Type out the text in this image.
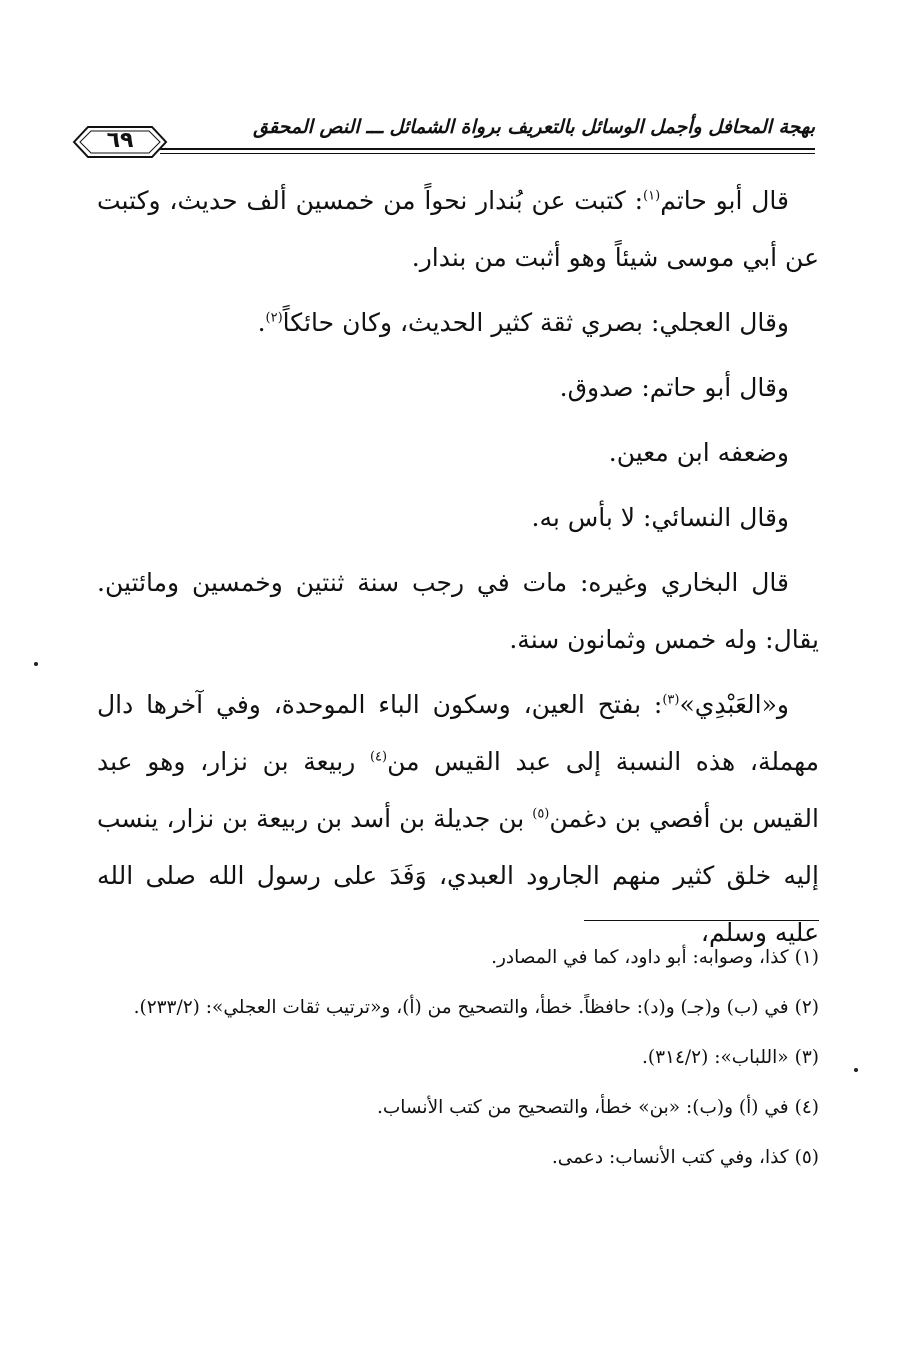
بهجة المحافل وأجمل الوسائل بالتعريف برواة الشمائل ـــ النص المحقق
٦٩

قال أبو حاتم$^{(١)}$: كتبت عن بُندار نحواً من خمسين ألف حديث، وكتبت عن أبي موسى شيئاً وهو أثبت من بندار.

وقال العجلي: بصري ثقة كثير الحديث، وكان حائكاً$^{(٢)}$.

وقال أبو حاتم: صدوق.

وضعفه ابن معين.

وقال النسائي: لا بأس به.

قال البخاري وغيره: مات في رجب سنة ثنتين وخمسين ومائتين. يقال: وله خمس وثمانون سنة.

و«العَبْدِي»$^{(٣)}$: بفتح العين، وسكون الباء الموحدة، وفي آخرها دال مهملة، هذه النسبة إلى عبد القيس من$^{(٤)}$ ربيعة بن نزار، وهو عبد القيس بن أفصي بن دغمن$^{(٥)}$ بن جديلة بن أسد بن ربيعة بن نزار، ينسب إليه خلق كثير منهم الجارود العبدي، وَفَدَ على رسول الله صلى الله عليه وسلم،

(١)كذا، وصوابه: أبو داود، كما في المصادر.

(٢)في (ب) و(جـ) و(د): حافظاً. خطأ، والتصحيح من (أ)، و«ترتيب ثقات العجلي»: (٢٣٣/٢).

(٣)«اللباب»: (٣١٤/٢).

(٤)في (أ) و(ب): «بن» خطأ، والتصحيح من كتب الأنساب.

(٥)كذا، وفي كتب الأنساب: دعمى.
